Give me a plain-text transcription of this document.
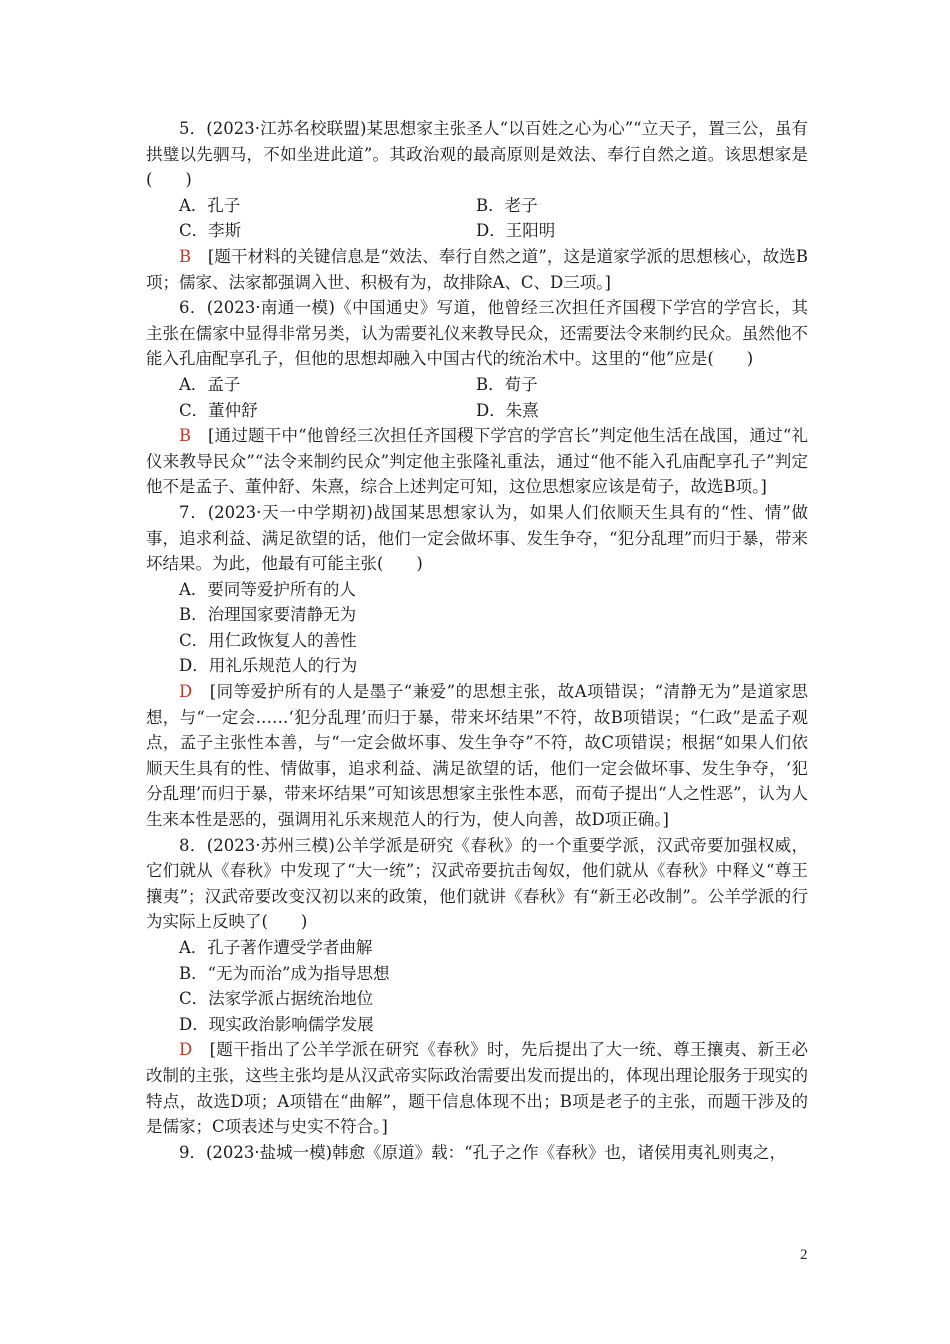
5．(2023·江苏名校联盟)某思想家主张圣人“以百姓之心为心”“立天子，置三公，虽有拱璧以先驷马，不如坐进此道”。其政治观的最高原则是效法、奉行自然之道。该思想家是(　　)

A．孔子	B．老子
C．李斯	D．王阳明

B　[题干材料的关键信息是“效法、奉行自然之道”，这是道家学派的思想核心，故选B项；儒家、法家都强调入世、积极有为，故排除A、C、D三项。]

6．(2023·南通一模)《中国通史》写道，他曾经三次担任齐国稷下学宫的学宫长，其主张在儒家中显得非常另类，认为需要礼仪来教导民众，还需要法令来制约民众。虽然他不能入孔庙配享孔子，但他的思想却融入中国古代的统治术中。这里的“他”应是(　　)

A．孟子	B．荀子
C．董仲舒	D．朱熹

B　[通过题干中“他曾经三次担任齐国稷下学宫的学宫长”判定他生活在战国，通过“礼仪来教导民众”“法令来制约民众”判定他主张隆礼重法，通过“他不能入孔庙配享孔子”判定他不是孟子、董仲舒、朱熹，综合上述判定可知，这位思想家应该是荀子，故选B项。]

7．(2023·天一中学期初)战国某思想家认为，如果人们依顺天生具有的“性、情”做事，追求利益、满足欲望的话，他们一定会做坏事、发生争夺，“犯分乱理”而归于暴，带来坏结果。为此，他最有可能主张(　　)

A．要同等爱护所有的人

B．治理国家要清静无为

C．用仁政恢复人的善性

D．用礼乐规范人的行为

D　[同等爱护所有的人是墨子“兼爱”的思想主张，故A项错误；“清静无为”是道家思想，与“一定会……‘犯分乱理’而归于暴，带来坏结果”不符，故B项错误；“仁政”是孟子观点，孟子主张性本善，与“一定会做坏事、发生争夺”不符，故C项错误；根据“如果人们依顺天生具有的性、情做事，追求利益、满足欲望的话，他们一定会做坏事、发生争夺，‘犯分乱理’而归于暴，带来坏结果”可知该思想家主张性本恶，而荀子提出“人之性恶”，认为人生来本性是恶的，强调用礼乐来规范人的行为，使人向善，故D项正确。]

8．(2023·苏州三模)公羊学派是研究《春秋》的一个重要学派，汉武帝要加强权威，它们就从《春秋》中发现了“大一统”；汉武帝要抗击匈奴，他们就从《春秋》中释义“尊王攘夷”；汉武帝要改变汉初以来的政策，他们就讲《春秋》有“新王必改制”。公羊学派的行为实际上反映了(　　)

A．孔子著作遭受学者曲解

B．“无为而治”成为指导思想

C．法家学派占据统治地位

D．现实政治影响儒学发展

D　[题干指出了公羊学派在研究《春秋》时，先后提出了大一统、尊王攘夷、新王必改制的主张，这些主张均是从汉武帝实际政治需要出发而提出的，体现出理论服务于现实的特点，故选D项；A项错在“曲解”，题干信息体现不出；B项是老子的主张，而题干涉及的是儒家；C项表述与史实不符合。]

9．(2023·盐城一模)韩愈《原道》载：“孔子之作《春秋》也，诸侯用夷礼则夷之，

2
